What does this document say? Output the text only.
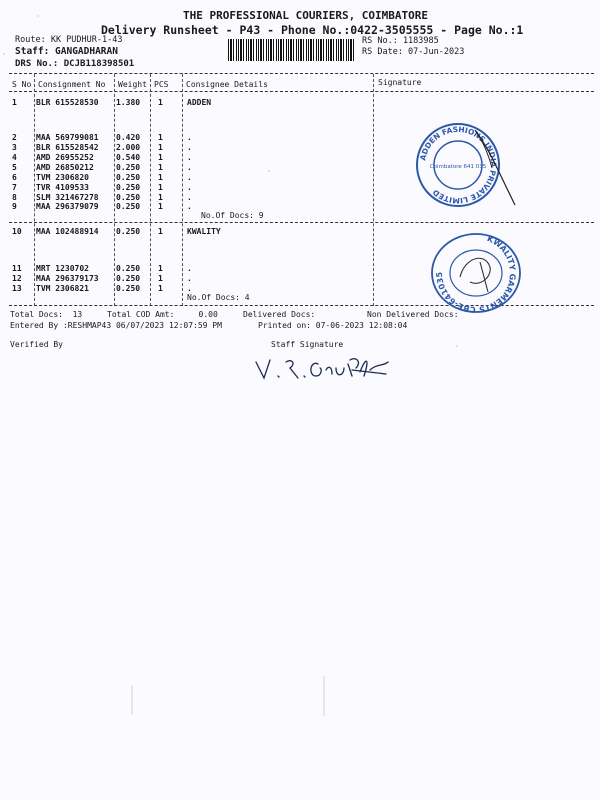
THE PROFESSIONAL COURIERS, COIMBATORE
Delivery Runsheet - P43 - Phone No.:0422-3505555 - Page No.:1
Route: KK PUDHUR-1-43
Staff: GANGADHARAN
DRS No.: DCJB118398501
RS No.: 1183985
RS Date: 07-Jun-2023
S No Consignment No Weight PCS Consignee Details	Signature
1 BLR 615528530 1.380 1	ADDEN
2 MAA 569799081 0.420 1	.
3 BLR 615528542 2.000 1	.
4 AMD 26955252	0.540 1	.
5 AMD 26850212	0.250 1	.
6 TVM 2306820	0.250 1	.
7 TVR 4109533	0.250 1	.
8 SLM 321467278 0.250 1	.
9 MAA 296379079 0.250 1	.
No.Of Docs: 9
10 MAA 102488914 0.250 1	KWALITY
11 MRT 1230702	0.250 1	.
12 MAA 296379173 0.250 1	.
13 TVM 2306821	0.250 1	.
No.Of Docs: 4
ADDEN FASHIONS INDIA PRIVATE LIMITED
Coimbatore 641 035
KWALITY GARMENTS CBE-641035
Total Docs:  13	Total COD Amt:     0.00	Delivered Docs:	Non Delivered Docs:
Entered By :RESHMAP43 06/07/2023 12:07:59 PM	Printed on: 07-06-2023 12:08:04
Verified By	Staff Signature
